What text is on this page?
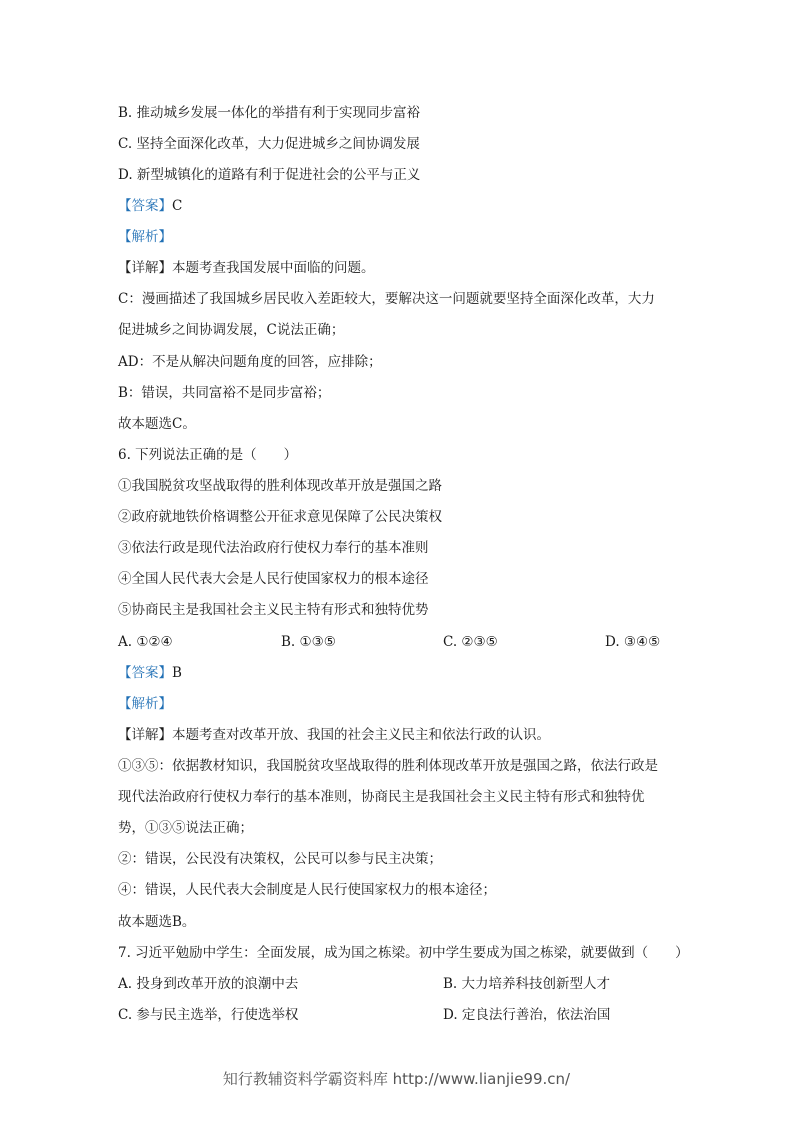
B. 推动城乡发展一体化的举措有利于实现同步富裕
C. 坚持全面深化改革，大力促进城乡之间协调发展
D. 新型城镇化的道路有利于促进社会的公平与正义
【答案】C
【解析】
【详解】本题考查我国发展中面临的问题。
C：漫画描述了我国城乡居民收入差距较大，要解决这一问题就要坚持全面深化改革，大力
促进城乡之间协调发展，C说法正确；
AD：不是从解决问题角度的回答，应排除；
B：错误，共同富裕不是同步富裕；
故本题选C。
6. 下列说法正确的是（　　）
①我国脱贫攻坚战取得的胜利体现改革开放是强国之路
②政府就地铁价格调整公开征求意见保障了公民决策权
③依法行政是现代法治政府行使权力奉行的基本准则
④全国人民代表大会是人民行使国家权力的根本途径
⑤协商民主是我国社会主义民主特有形式和独特优势
A. ①②④	B. ①③⑤	C. ②③⑤	D. ③④⑤
【答案】B
【解析】
【详解】本题考查对改革开放、我国的社会主义民主和依法行政的认识。
①③⑤：依据教材知识，我国脱贫攻坚战取得的胜利体现改革开放是强国之路，依法行政是
现代法治政府行使权力奉行的基本准则，协商民主是我国社会主义民主特有形式和独特优
势，①③⑤说法正确；
②：错误，公民没有决策权，公民可以参与民主决策；
④：错误，人民代表大会制度是人民行使国家权力的根本途径；
故本题选B。
7. 习近平勉励中学生：全面发展，成为国之栋梁。初中学生要成为国之栋梁，就要做到（　　）
A. 投身到改革开放的浪潮中去	B. 大力培养科技创新型人才
C. 参与民主选举，行使选举权	D. 定良法行善治，依法治国
知行教辅资料学霸资料库 http://www.lianjie99.cn/
